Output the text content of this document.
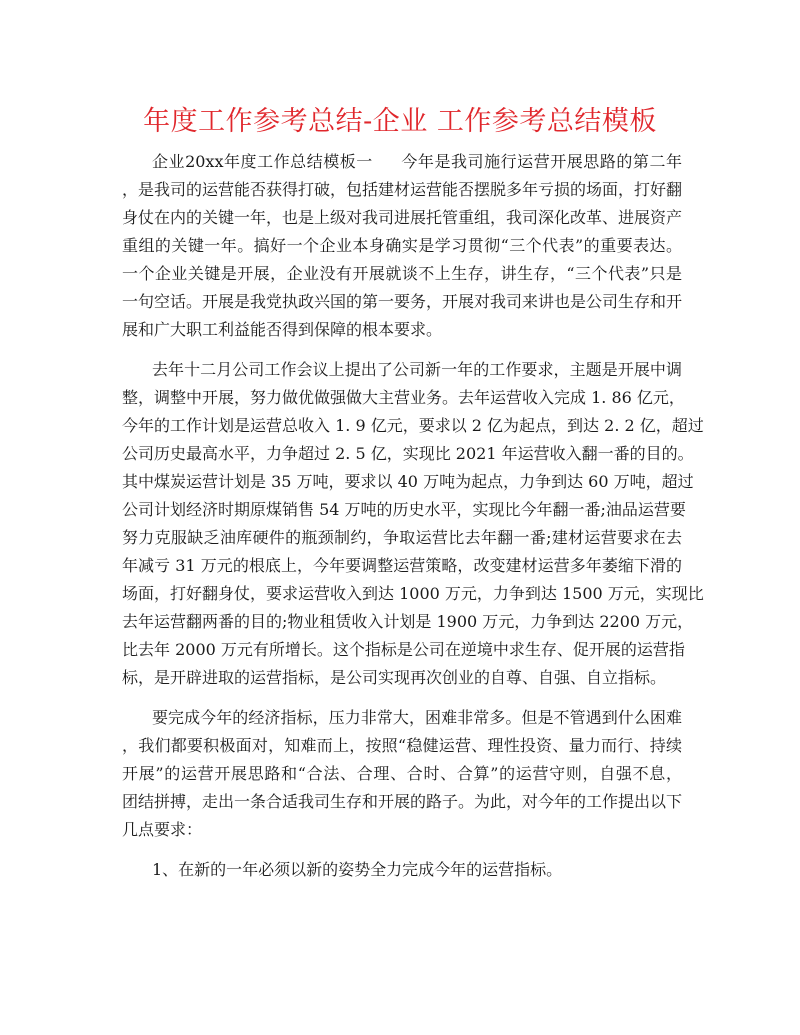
年度工作参考总结-企业 工作参考总结模板
企业20xx年度工作总结模板一 今年是我司施行运营开展思路的第二年
，是我司的运营能否获得打破，包括建材运营能否摆脱多年亏损的场面，打好翻
身仗在内的关键一年，也是上级对我司进展托管重组，我司深化改革、进展资产
重组的关键一年。搞好一个企业本身确实是学习贯彻“三个代表”的重要表达。
一个企业关键是开展，企业没有开展就谈不上生存，讲生存，“三个代表”只是
一句空话。开展是我党执政兴国的第一要务，开展对我司来讲也是公司生存和开
展和广大职工利益能否得到保障的根本要求。
去年十二月公司工作会议上提出了公司新一年的工作要求，主题是开展中调
整，调整中开展，努力做优做强做大主营业务。去年运营收入完成 1. 86 亿元，
今年的工作计划是运营总收入 1. 9 亿元，要求以 2 亿为起点，到达 2. 2 亿，超过
公司历史最高水平，力争超过 2. 5 亿，实现比 2021 年运营收入翻一番的目的。
其中煤炭运营计划是 35 万吨，要求以 40 万吨为起点，力争到达 60 万吨，超过
公司计划经济时期原煤销售 54 万吨的历史水平，实现比今年翻一番;油品运营要
努力克服缺乏油库硬件的瓶颈制约，争取运营比去年翻一番;建材运营要求在去
年减亏 31 万元的根底上，今年要调整运营策略，改变建材运营多年萎缩下滑的
场面，打好翻身仗，要求运营收入到达 1000 万元，力争到达 1500 万元，实现比
去年运营翻两番的目的;物业租赁收入计划是 1900 万元，力争到达 2200 万元，
比去年 2000 万元有所增长。这个指标是公司在逆境中求生存、促开展的运营指
标，是开辟进取的运营指标，是公司实现再次创业的自尊、自强、自立指标。
要完成今年的经济指标，压力非常大，困难非常多。但是不管遇到什么困难
，我们都要积极面对，知难而上，按照“稳健运营、理性投资、量力而行、持续
开展”的运营开展思路和“合法、合理、合时、合算”的运营守则，自强不息，
团结拼搏，走出一条合适我司生存和开展的路子。为此，对今年的工作提出以下
几点要求：
1、在新的一年必须以新的姿势全力完成今年的运营指标。
